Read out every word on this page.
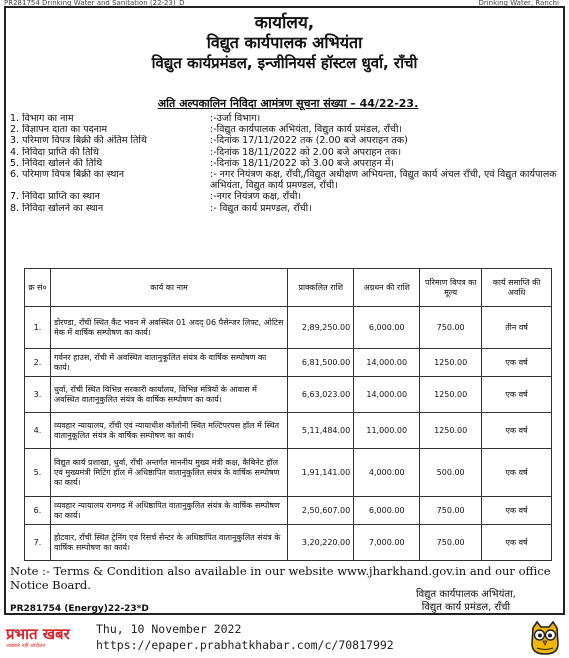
PR281754 Drinking Water and Sanitation (22-23)_D	Drinking Water, Ranchi
कार्यालय,
विद्युत कार्यपालक अभियंता
विद्युत कार्यप्रमंडल, इन्जीनियर्स हॉस्टल धुर्वा, राँची
अति अल्पकालिन निविदा आमंत्रण सूचना संख्या – 44/22-23.
1. विभाग का नाम	:-उर्जा विभाग।
2. विज्ञापन दाता का पदनाम	:-विद्युत कार्यपालक अभियंता, विद्युत कार्य प्रमंडल, राँची।
3. परिमाण विपत्र बिक्री की अंतिम तिथि	:-दिनांक 17/11/2022 तक (2.00 बजे अपराहन तक)
4. निविदा प्राप्ति की तिथि	:-दिनांक 18/11/2022 को 2.00 बजे अपराहन तक।
5. निविदा खोलने की तिथि	:-दिनांक 18/11/2022 को 3.00 बजे अपराहन में।
6. परिमाण विपत्र बिक्री का स्थान	:- नगर नियंत्रण कक्ष, राँची,/विद्युत अधीक्षण अभियन्ता, विद्युत कार्य अंचल राँची, एवं विद्युत कार्यपालक अभियंता, विद्युत कार्य प्रमण्डल, राँची।
7. निविदा प्राप्ति का स्थान	:-नगर नियंत्रण कक्ष, राँची।
8. निविदा खोलने का स्थान	:- विद्युत कार्य प्रमण्डल, राँची।
क्र सं०	कार्य का नाम	प्राक्कलित राशि	अग्रधन की राशि	परिमाण विपत्र का मूल्य	कार्य समाप्ति की अवधि
1.	डोरण्डा, राँची स्थित कैंट भवन में अवस्थित 01 अदद् 06 पैसेन्जर लिफ्ट, ओटिस मेक में वार्षिक सम्पोषण का कार्य।	2,89,250.00	6,000.00	750.00	तीन वर्ष
2.	गर्वनर हाउस, राँची में अवस्थित वातानुकूलित संयंत्र के वार्षिक सम्पोषण का कार्य।	6,81,500.00	14,000.00	1250.00	एक वर्ष
3.	धुर्वा, राँची स्थित विभिन्न सरकारी कार्यालय, विभिन्न मंत्रियों के आवास में अवस्थित वातानुकुलित संयंत्र के वार्षिक सम्पोषण का कार्य।	6,63,023.00	14,000.00	1250.00	एक वर्ष
4.	व्यवहार न्यायालय, राँची एवं न्यायाधीश कॉलोनी स्थित मल्टिपरपस हॉल में स्थित वातानुकूलित संयंत्र के वार्षिक सम्पोषण का कार्य।	5,11,484.00	11,000.00	1250.00	एक वर्ष
5.	विद्युत कार्य प्रशाखा, धुर्वा, राँची अन्तर्गत माननीय मुख्य मंत्री कक्ष, कैबिनेट हॉल एवं मुख्यमंत्री मिटिंग हॉल में अधिष्ठापित वातानुकुलित संयंत्र के वार्षिक सम्पोषण का कार्य।	1,91,141.00	4,000.00	500.00	एक वर्ष
6.	व्यवहार न्यायालय रामगढ़ में अधिष्ठापित वातानुकुलित संयंत्र के वार्षिक सम्पोषण का कार्य।	2,50,607.00	6,000.00	750.00	एक वर्ष
7.	होटवार, राँची स्थित ट्रेनिंग एवं रिसर्च सेन्टर के अधिष्ठापित वातानुकुलित संयंत्र के वार्षिक सम्पोषण का कार्य।	3,20,220.00	7,000.00	750.00	एक वर्ष
Note :- Terms & Condition also available in our website www.jharkhand.gov.in and our office Notice Board.
PR281754 (Energy)22-23*D
विद्युत कार्यपालक अभियंता,
विद्युत कार्य प्रमंडल, राँची
प्रभात खबर
अखबार नहीं आंदोलन
Thu, 10 November 2022
https://epaper.prabhatkhabar.com/c/70817992
